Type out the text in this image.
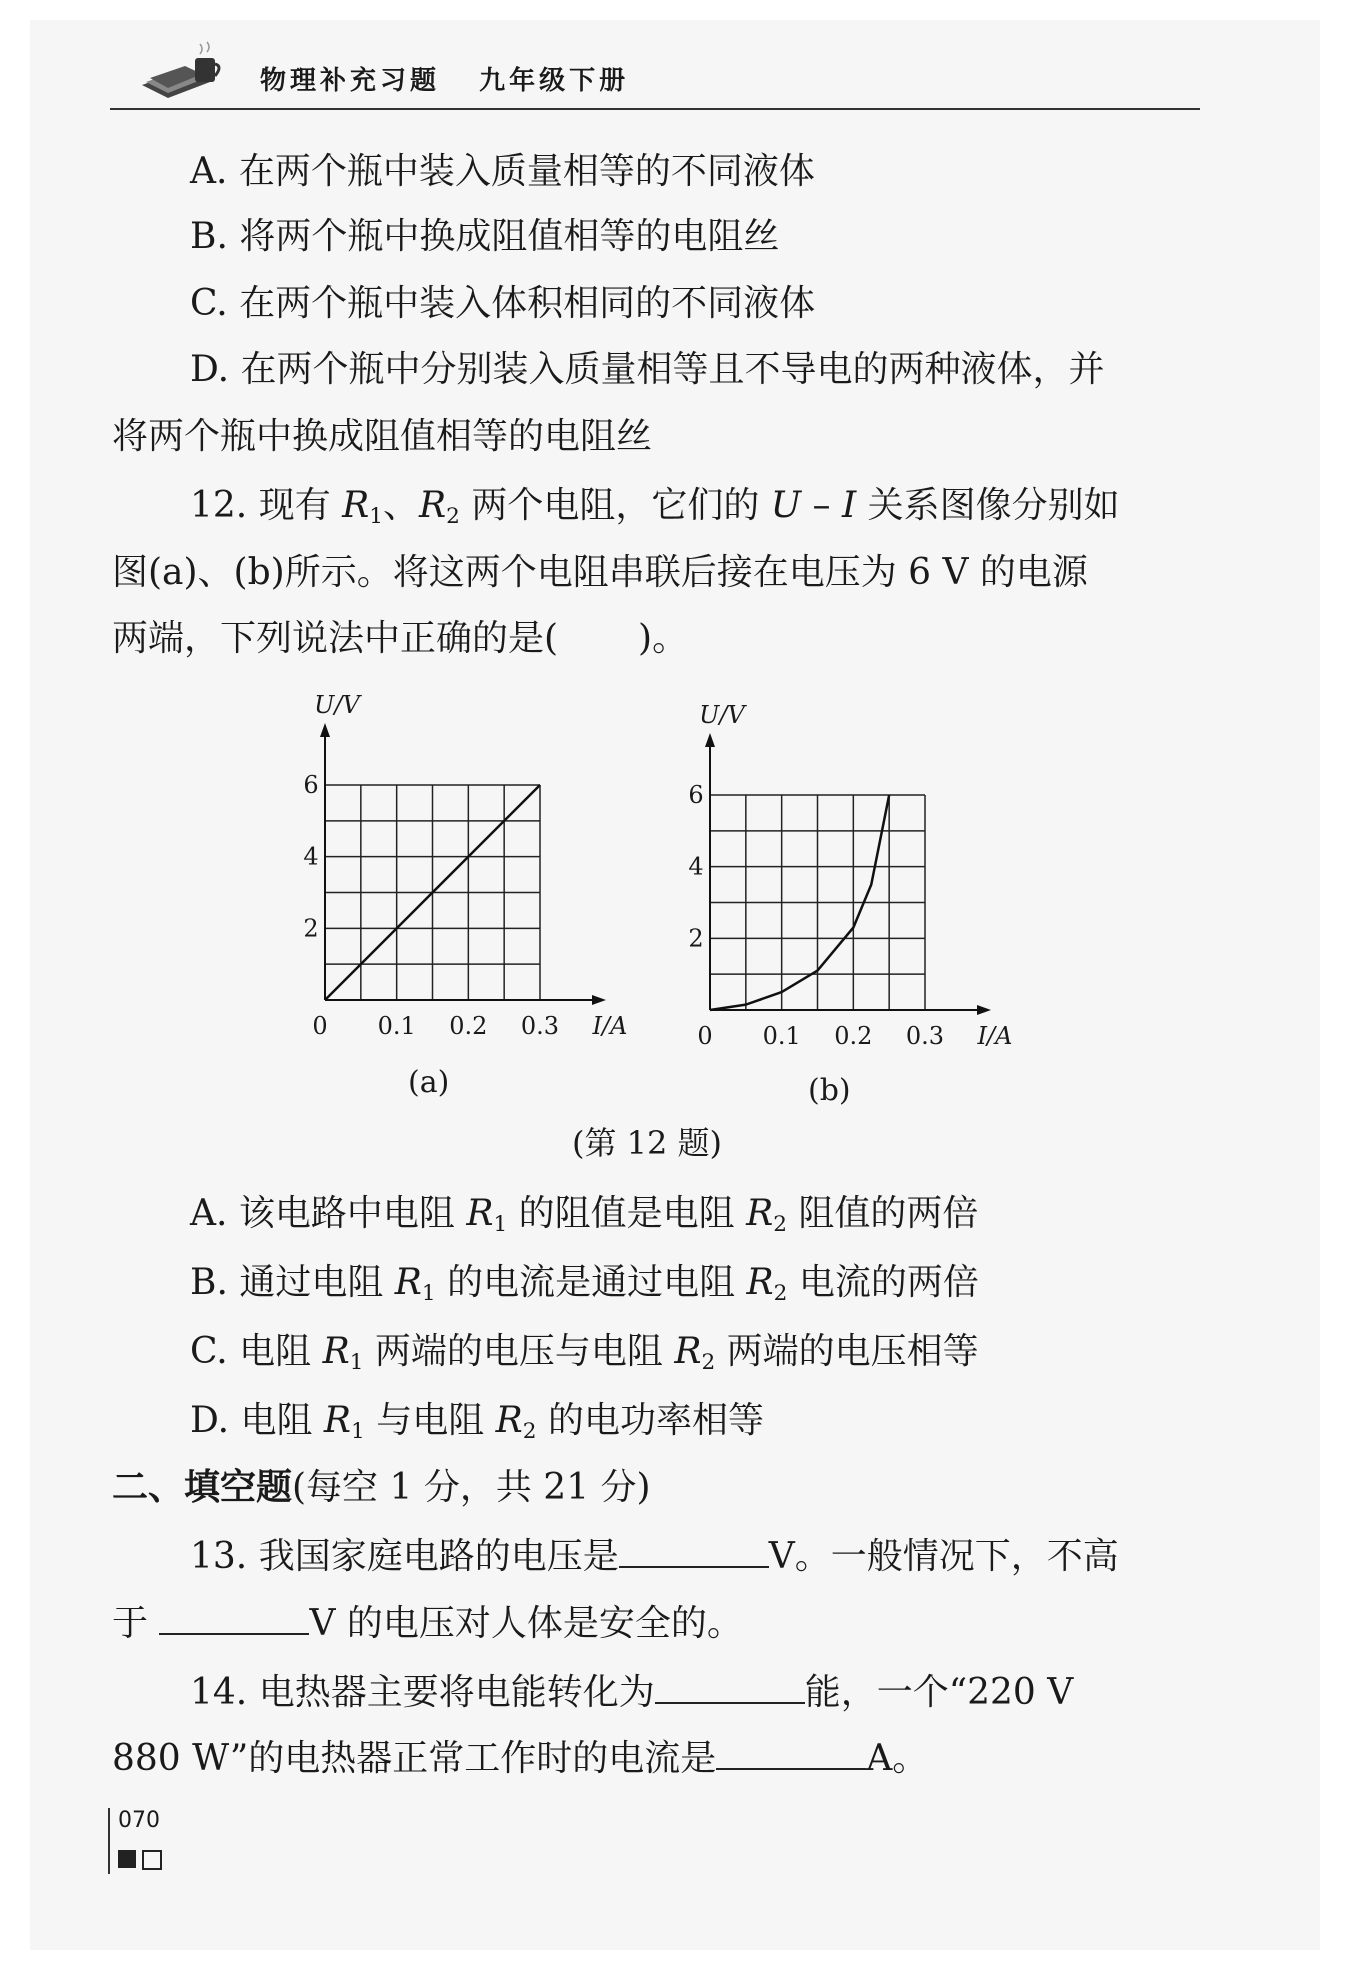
物理补充习题   九年级下册
A. 在两个瓶中装入质量相等的不同液体
B. 将两个瓶中换成阻值相等的电阻丝
C. 在两个瓶中装入体积相同的不同液体
D. 在两个瓶中分别装入质量相等且不导电的两种液体，并
将两个瓶中换成阻值相等的电阻丝
12. 现有 $R_1$、$R_2$ 两个电阻，它们的 U – I 关系图像分别如
图(a)、(b)所示。将这两个电阻串联后接在电压为 6 V 的电源
两端，下列说法中正确的是( )。
0 0.1 0.2 0.3
2
4
6
I/A
U/V
0 0.1 0.2 0.3
2
4
6
I/A
U/V
(a)	(b)
(第 12 题)
A. 该电路中电阻 $R_1$ 的阻值是电阻 $R_2$ 阻值的两倍
B. 通过电阻 $R_1$ 的电流是通过电阻 $R_2$ 电流的两倍
C. 电阻 $R_1$ 两端的电压与电阻 $R_2$ 两端的电压相等
D. 电阻 $R_1$ 与电阻 $R_2$ 的电功率相等
二、填空题(每空 1 分，共 21 分)
13. 我国家庭电路的电压是	V。一般情况下，不高
于	V 的电压对人体是安全的。
14. 电热器主要将电能转化为	能，一个“220 V
880 W”的电热器正常工作时的电流是	A。
070
